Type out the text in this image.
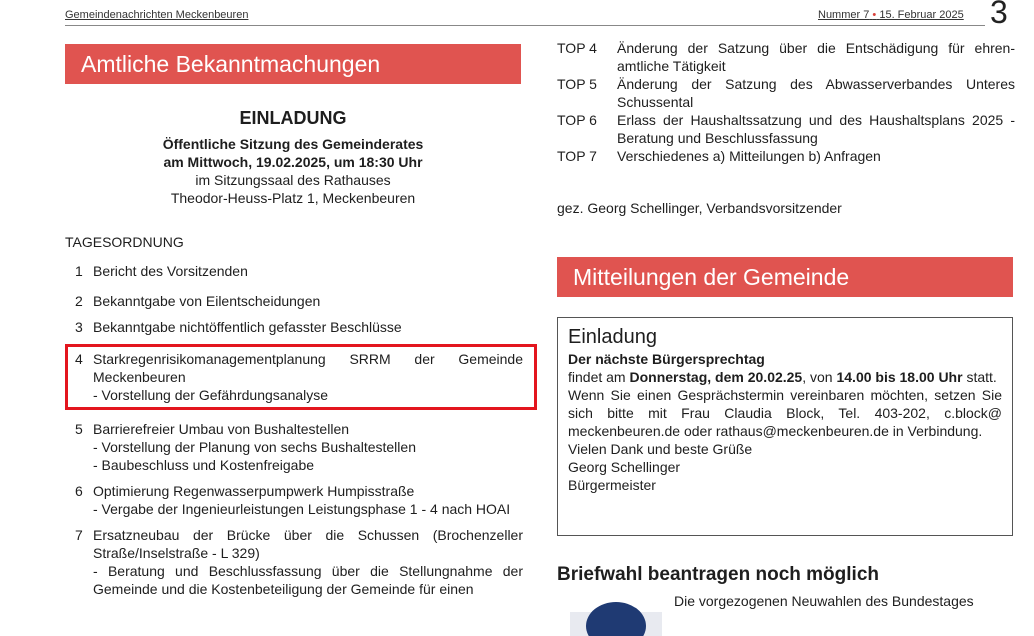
Gemeindenachrichten Meckenbeuren	Nummer 7 • 15. Februar 2025 3
Amtliche Bekanntmachungen
EINLADUNG
Öffentliche Sitzung des Gemeinderates
am Mittwoch, 19.02.2025, um 18:30 Uhr
im Sitzungssaal des Rathauses
Theodor-Heuss-Platz 1, Meckenbeuren
TAGESORDNUNG
1 Bericht des Vorsitzenden
2 Bekanntgabe von Eilentscheidungen
3 Bekanntgabe nichtöffentlich gefasster Beschlüsse
4 Starkregenrisikomanagementplanung SRRM der Gemeinde Meckenbeuren
- Vorstellung der Gefährdungsanalyse
5 Barrierefreier Umbau von Bushaltestellen
- Vorstellung der Planung von sechs Bushaltestellen
- Baubeschluss und Kostenfreigabe
6 Optimierung Regenwasserpumpwerk Humpisstraße
- Vergabe der Ingenieurleistungen Leistungsphase 1 - 4 nach HOAI
7 Ersatzneubau der Brücke über die Schussen (Brochenzeller Straße/Inselstraße - L 329)
- Beratung und Beschlussfassung über die Stellungnahme der Gemeinde und die Kostenbeteiligung der Gemeinde für einen
TOP 4	Änderung der Satzung über die Entschädigung für ehren-amtliche Tätigkeit
TOP 5	Änderung der Satzung des Abwasserverbandes Unteres Schussental
TOP 6	Erlass der Haushaltssatzung und des Haushaltsplans 2025 - Beratung und Beschlussfassung
TOP 7	Verschiedenes a) Mitteilungen b) Anfragen
gez. Georg Schellinger, Verbandsvorsitzender
Mitteilungen der Gemeinde
Einladung
Der nächste Bürgersprechtag
findet am Donnerstag, dem 20.02.25, von 14.00 bis 18.00 Uhr statt.
Wenn Sie einen Gesprächstermin vereinbaren möchten, setzen Sie sich bitte mit Frau Claudia Block, Tel. 403-202, c.block@ meckenbeuren.de oder rathaus@meckenbeuren.de in Verbindung.
Vielen Dank und beste Grüße
Georg Schellinger
Bürgermeister
Briefwahl beantragen noch möglich
Die vorgezogenen Neuwahlen des Bundestages
